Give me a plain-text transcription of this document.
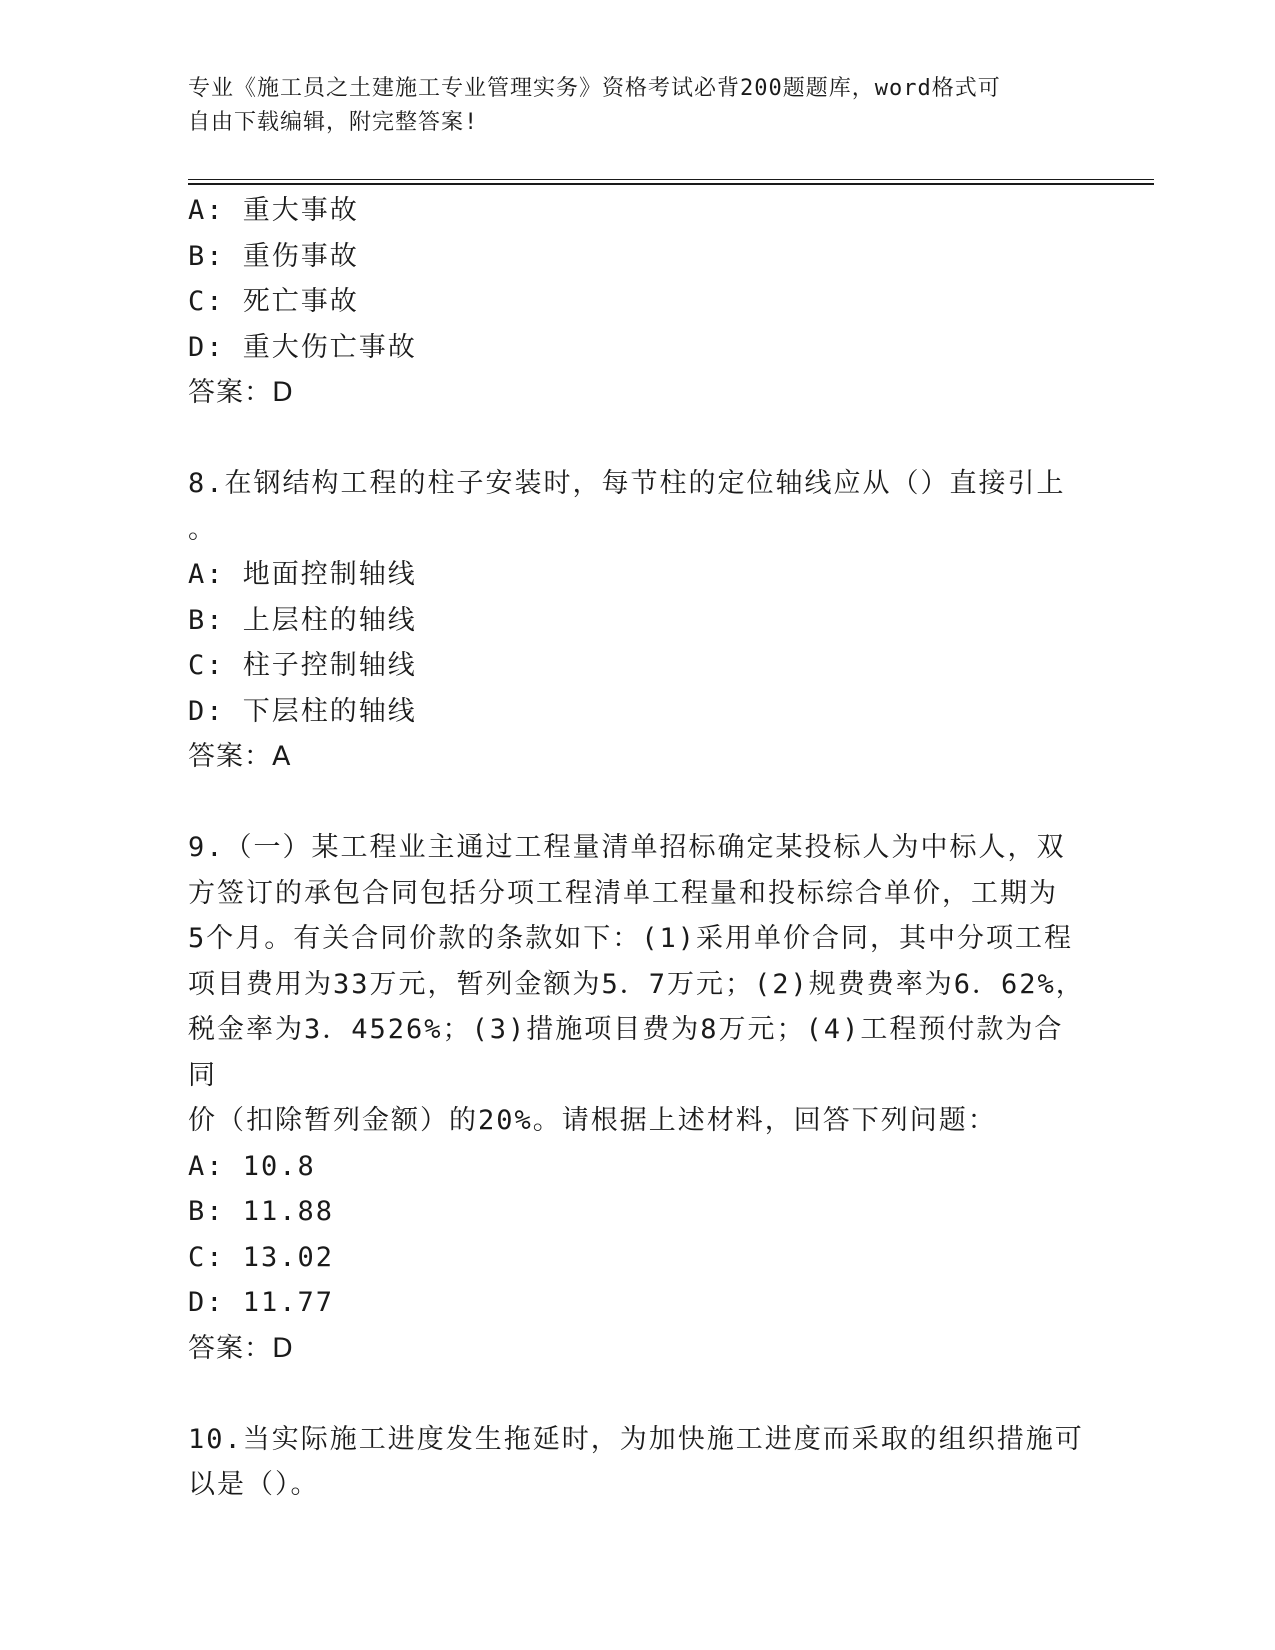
专业《施工员之土建施工专业管理实务》资格考试必背200题题库，word格式可
自由下载编辑，附完整答案!
A: 重大事故
B: 重伤事故
C: 死亡事故
D: 重大伤亡事故
答案：D
8.在钢结构工程的柱子安装时，每节柱的定位轴线应从（）直接引上
。
A: 地面控制轴线
B: 上层柱的轴线
C: 柱子控制轴线
D: 下层柱的轴线
答案：A
9.（一）某工程业主通过工程量清单招标确定某投标人为中标人，双
方签订的承包合同包括分项工程清单工程量和投标综合单价，工期为
5个月。有关合同价款的条款如下：(1)采用单价合同，其中分项工程
项目费用为33万元，暂列金额为5．7万元；(2)规费费率为6．62%，
税金率为3．4526%；(3)措施项目费为8万元；(4)工程预付款为合同
价（扣除暂列金额）的20%。请根据上述材料，回答下列问题：
A: 10.8
B: 11.88
C: 13.02
D: 11.77
答案：D
10.当实际施工进度发生拖延时，为加快施工进度而采取的组织措施可
以是（）。
